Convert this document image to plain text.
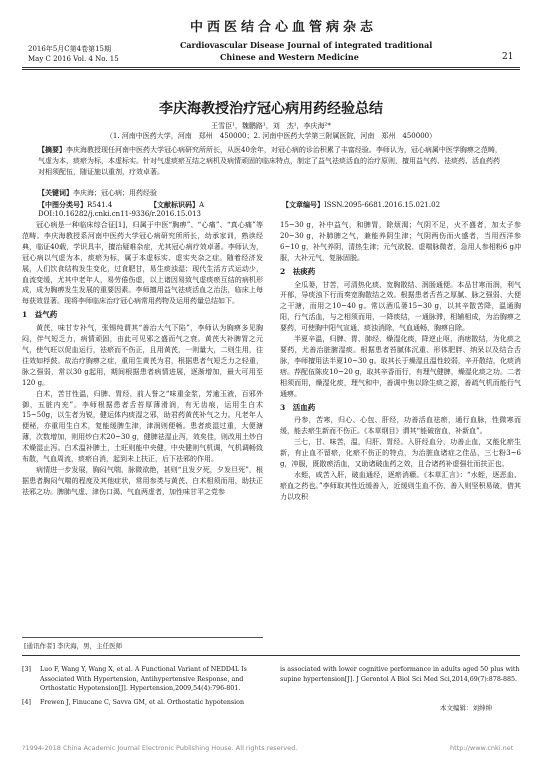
中西医结合心血管病杂志
Cardiovascular Disease Journal of integrated traditional
Chinese and Western Medicine
2016年5月C第4卷第15期
May C 2016 Vol. 4 No. 15	21
李庆海教授治疗冠心病用药经验总结
王雪臣¹，魏鹏路¹，刘　杰¹，李庆海²*
（1. 河南中医药大学，河南　郑州　450000；2. 河南中医药大学第三附属医院，河南　郑州　450000）
【摘要】李庆海教授现任河南中医药大学冠心病研究所所长，从医40余年，对冠心病的诊治积累了丰富经验。李师认为，冠心病属中医学胸痹之范畴，气虚为本，痰瘀为标，本虚标实。针对气虚痰瘀互结之病机及病情顽固的临床特点，制定了益气祛痰活血的治疗原则，擅用益气药、祛痰药、活血药药对相须配伍，随证施以重剂，疗效卓著。
【关键词】李庆海；冠心病；用药经验
【中图分类号】R541.4	【文献标识码】A	【文章编号】ISSN.2095-6681.2016.15.021.02
DOI:10.16282/j.cnki.cn11-9336/r.2016.15.013

冠心病是一种临床综合征[1]，归属于中医“胸痹”、“心痛”、“真心痛”等范畴。李庆海教授系河南中医药大学冠心病研究所所长，幼承家训，熟读经典，临证40载，学识具丰，擅治疑难杂症，尤其冠心病疗效卓著。李师认为，冠心病以气虚为本，痰瘀为标，属于本虚标实、虚实夹杂之症。随着经济发展，人们饮食结构发生变化，过食肥甘，易生痰浊湿；现代生活方式运动少，血流变缓，尤其中老年人，易劳倦伤虚，以上诸因易致气虚痰瘀互结的病机形成，成为胸痹发生发展的重要因素。李师擅用益气祛痰活血之治法，临床上每每获效显著。现将李师临床治疗冠心病常用药物及运用药量总结如下。

1　益气药

黄芪，味甘专补气，张锡纯谓其“善治大气下陷”，李师认为胸痹多见胸闷，伴气短乏力，病情顽固，由此可见邪之盛而气之衰。黄芪大补脾胃之元气，使气旺以促血运行，祛瘀而不伤正，且用黄芪，一则量大，二则生用，往往效如桴鼓。故治疗胸痹之症，重用生黄芪为君，根据患者气短乏力之轻重，脉之强弱，常以30 g起用，期间根据患者病情进展，逐渐增加，最大可用至120 g。

白术，苦甘性温，归脾、胃经，前人誉之“味重金浆，芳逾玉液，百邪外御，五脏内充”。李师根据患者舌苔厚薄滑润，有无齿痕，运用生白术15~50g，以生者为锐，健运体内痰湿之邪，助君药黄芪补气之力。凡老年人便秘，亦重用生白术，复能缓脾生津，津润则便畅。患者痰湿过重，大便溏薄，次数增加，则用炒白术20~30 g，健脾祛湿止泻，效矣佳，则改用土炒白术燥湿止泻。白术温补脾土，土旺则能中央健，中央健则气机调，气机调畅致布散，气血周流，痰瘀自消，起到未上扶正，后下祛邪的作用。

病情进一步发展，胸闷气喘，脉微欲绝，甚则“且发夕死，夕发旦死”，根据患者胸闷气喘的程度及其他症状，常用参类与黄芪、白术相须而用，助扶正祛邪之功。脾肺气虚、津伤口渴、气血两虚者，加性味甘平之党参

15~30 g，补中益气，和脾胃，除烦渴；气阴不足，火不盛者，加太子参20~30 g，补肺脾之气，兼能养阴生津；气阴两伤而火盛者，当用西洋参6~10 g，补气养阴，清热生津；元气欲脱、虚喘脉微者，急用人参相粉6 g冲服，大补元气，复脉固脱。

2　祛痰药

全瓜蒌，甘苦，可清热化痰、宽胸散结、润肠通便。本品甘寒而润，利气开郁，导痰浊下行而奏宽胸散结之效。根据患者舌苔之厚腻、脉之强弱、大便之干溏，而用之10~40 g。常以酒瓜蒌15~30 g，以其辛散苦降，温通胸阳，行气活血，与之相须而用，一降痰结，一通脉滞，相辅相成，为治胸痹之要药，可使胸中阳气宣通，痰浊消除，气血通畅，胸痹自除。

半夏辛温，归脾、胃、肺经，燥湿化痰，降逆止呕，消痞散结，为化痰之要药，尤善治脏腑湿痰。根据患者苔腻体沉重、形体肥胖、纳呆以及结合舌脉，李师擅用法半夏10~30 g。取其长于燥湿且温性较弱，辛开散结，化痰消痞。荐配伍陈皮10~20 g，取其辛香而行，有理气健脾，燥湿化痰之功。二者相须而用，燥湿化痰，理气和中，善调中焦以除生痰之源，善疏气机而能行气通痹。

3　活血药

丹参，苦寒，归心、心包、肝经，功善活血祛瘀，通行血脉，性微寒而缓，能去瘀生新而不伤正。《本草纲目》谓其“能破宿血，补新血”。

三七，甘、味苦，温，归肝、胃经。入肝经血分，功善止血，又能化瘀生新，有止血不留瘀，化瘀不伤正的特点，为治脏血诸症之佳品，三七粉3~6 g，冲服，既散瘀活血，又助诸破血药之效，且合诸药补虚强壮而扶正也。

水蛭，咸苦入肝，破血通经，逐瘀消癥。《本草汇言》：“水蛭，逐恶血、瘀血之药也。”李师取其性近缓善入，近缓则生血不伤，善入则坚积易破，借其力以攻积

[通讯作者] 李庆海，男，主任医师
[3]	Luo F, Wang Y, Wang X, et al. A Functional Variant of NEDD4L Is Associated With Hypertension, Antihypertensive Response, and Orthostatic Hypotension[J]. Hypertension,2009,54(4):796-801.
[4]	Frewen J, Finucane C, Savva GM, et al. Orthostatic hypotension
is associated with lower cognitive performance in adults aged 50 plus with supine hypertension[J]. J Gerontol A Biol Sci Med Sci,2014,69(7):878-885.
本文编辑：刘绅绅
?1994-2018 China Academic Journal Electronic Publishing House. All rights reserved.	http://www.cnki.net
